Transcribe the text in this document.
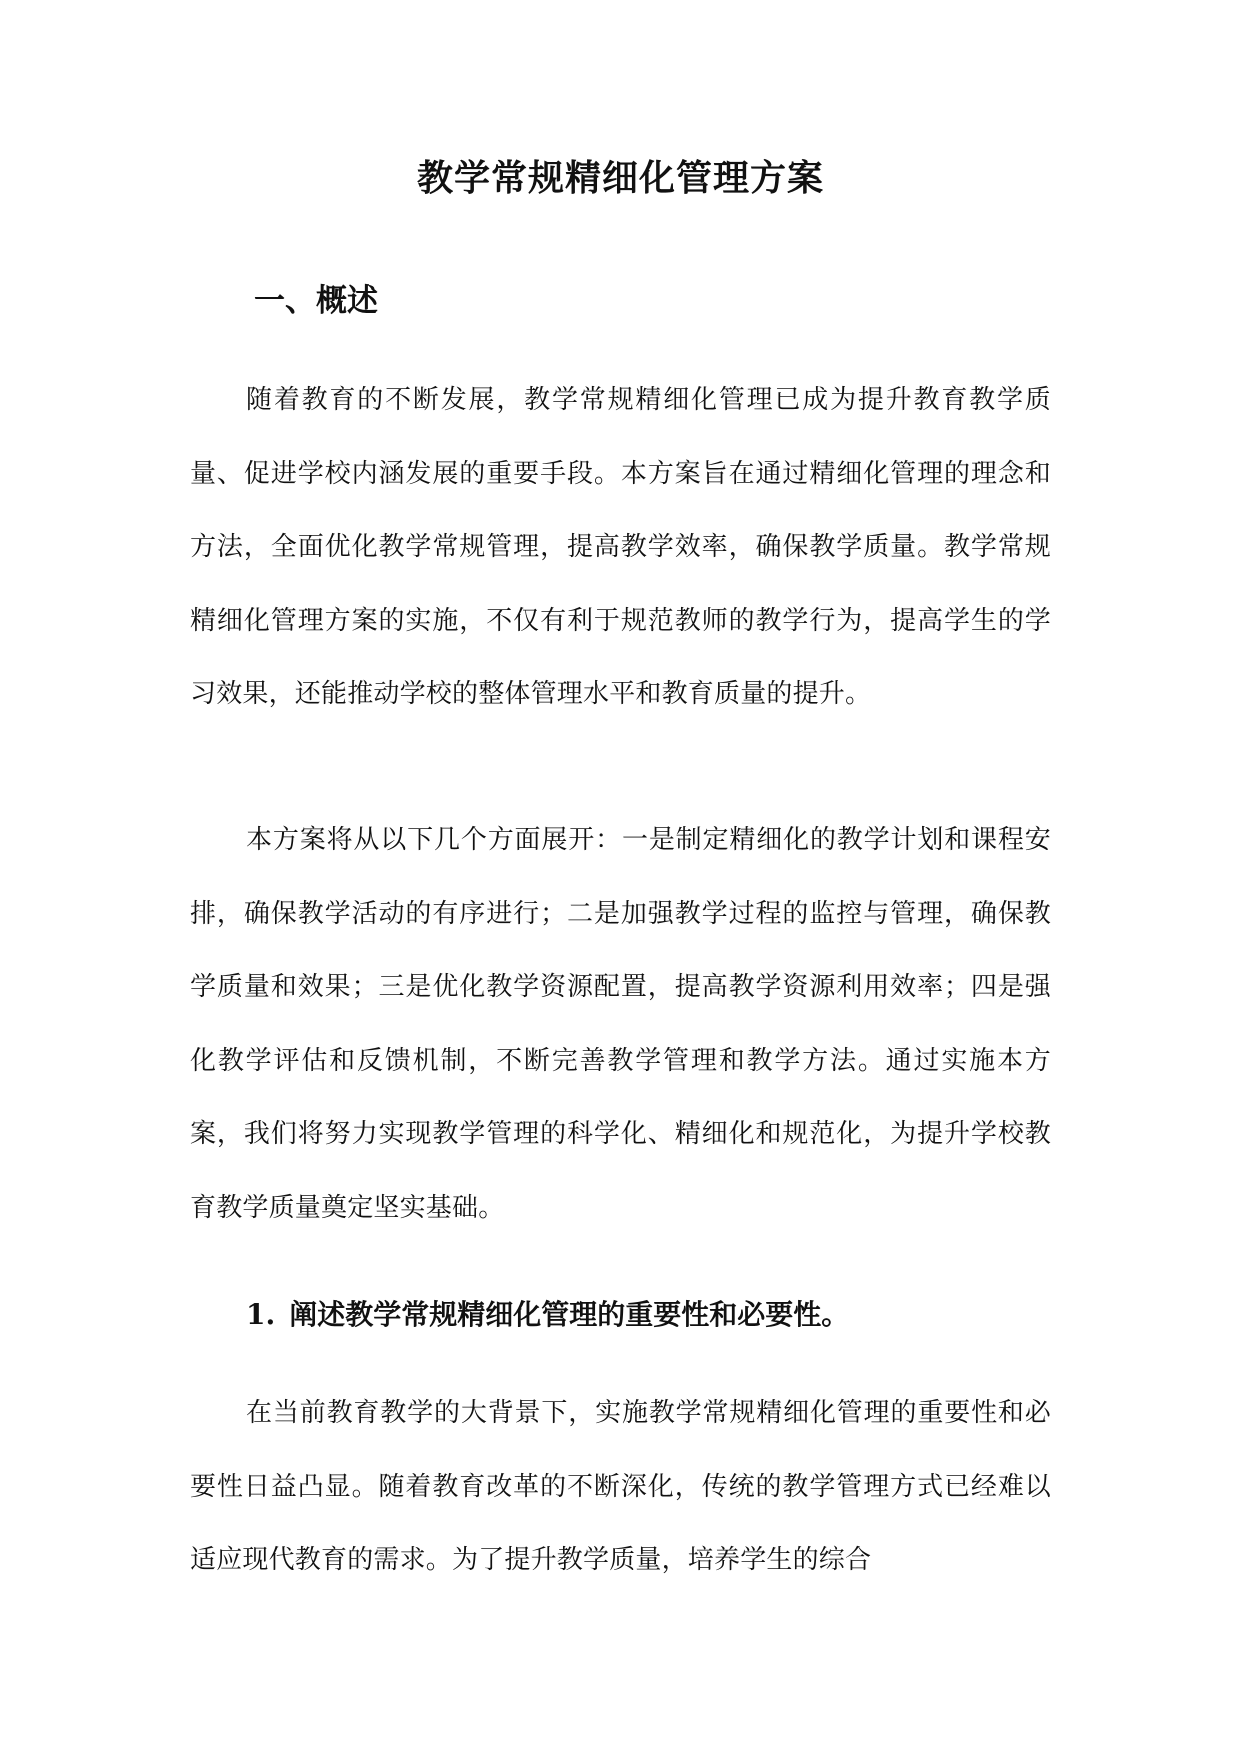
教学常规精细化管理方案
一、概述

随着教育的不断发展，教学常规精细化管理已成为提升教育教学质量、促进学校内涵发展的重要手段。本方案旨在通过精细化管理的理念和方法，全面优化教学常规管理，提高教学效率，确保教学质量。教学常规精细化管理方案的实施，不仅有利于规范教师的教学行为，提高学生的学习效果，还能推动学校的整体管理水平和教育质量的提升。

本方案将从以下几个方面展开：一是制定精细化的教学计划和课程安排，确保教学活动的有序进行；二是加强教学过程的监控与管理，确保教学质量和效果；三是优化教学资源配置，提高教学资源利用效率；四是强化教学评估和反馈机制，不断完善教学管理和教学方法。通过实施本方案，我们将努力实现教学管理的科学化、精细化和规范化，为提升学校教育教学质量奠定坚实基础。

1. 阐述教学常规精细化管理的重要性和必要性。

在当前教育教学的大背景下，实施教学常规精细化管理的重要性和必要性日益凸显。随着教育改革的不断深化，传统的教学管理方式已经难以适应现代教育的需求。为了提升教学质量，培养学生的综合
